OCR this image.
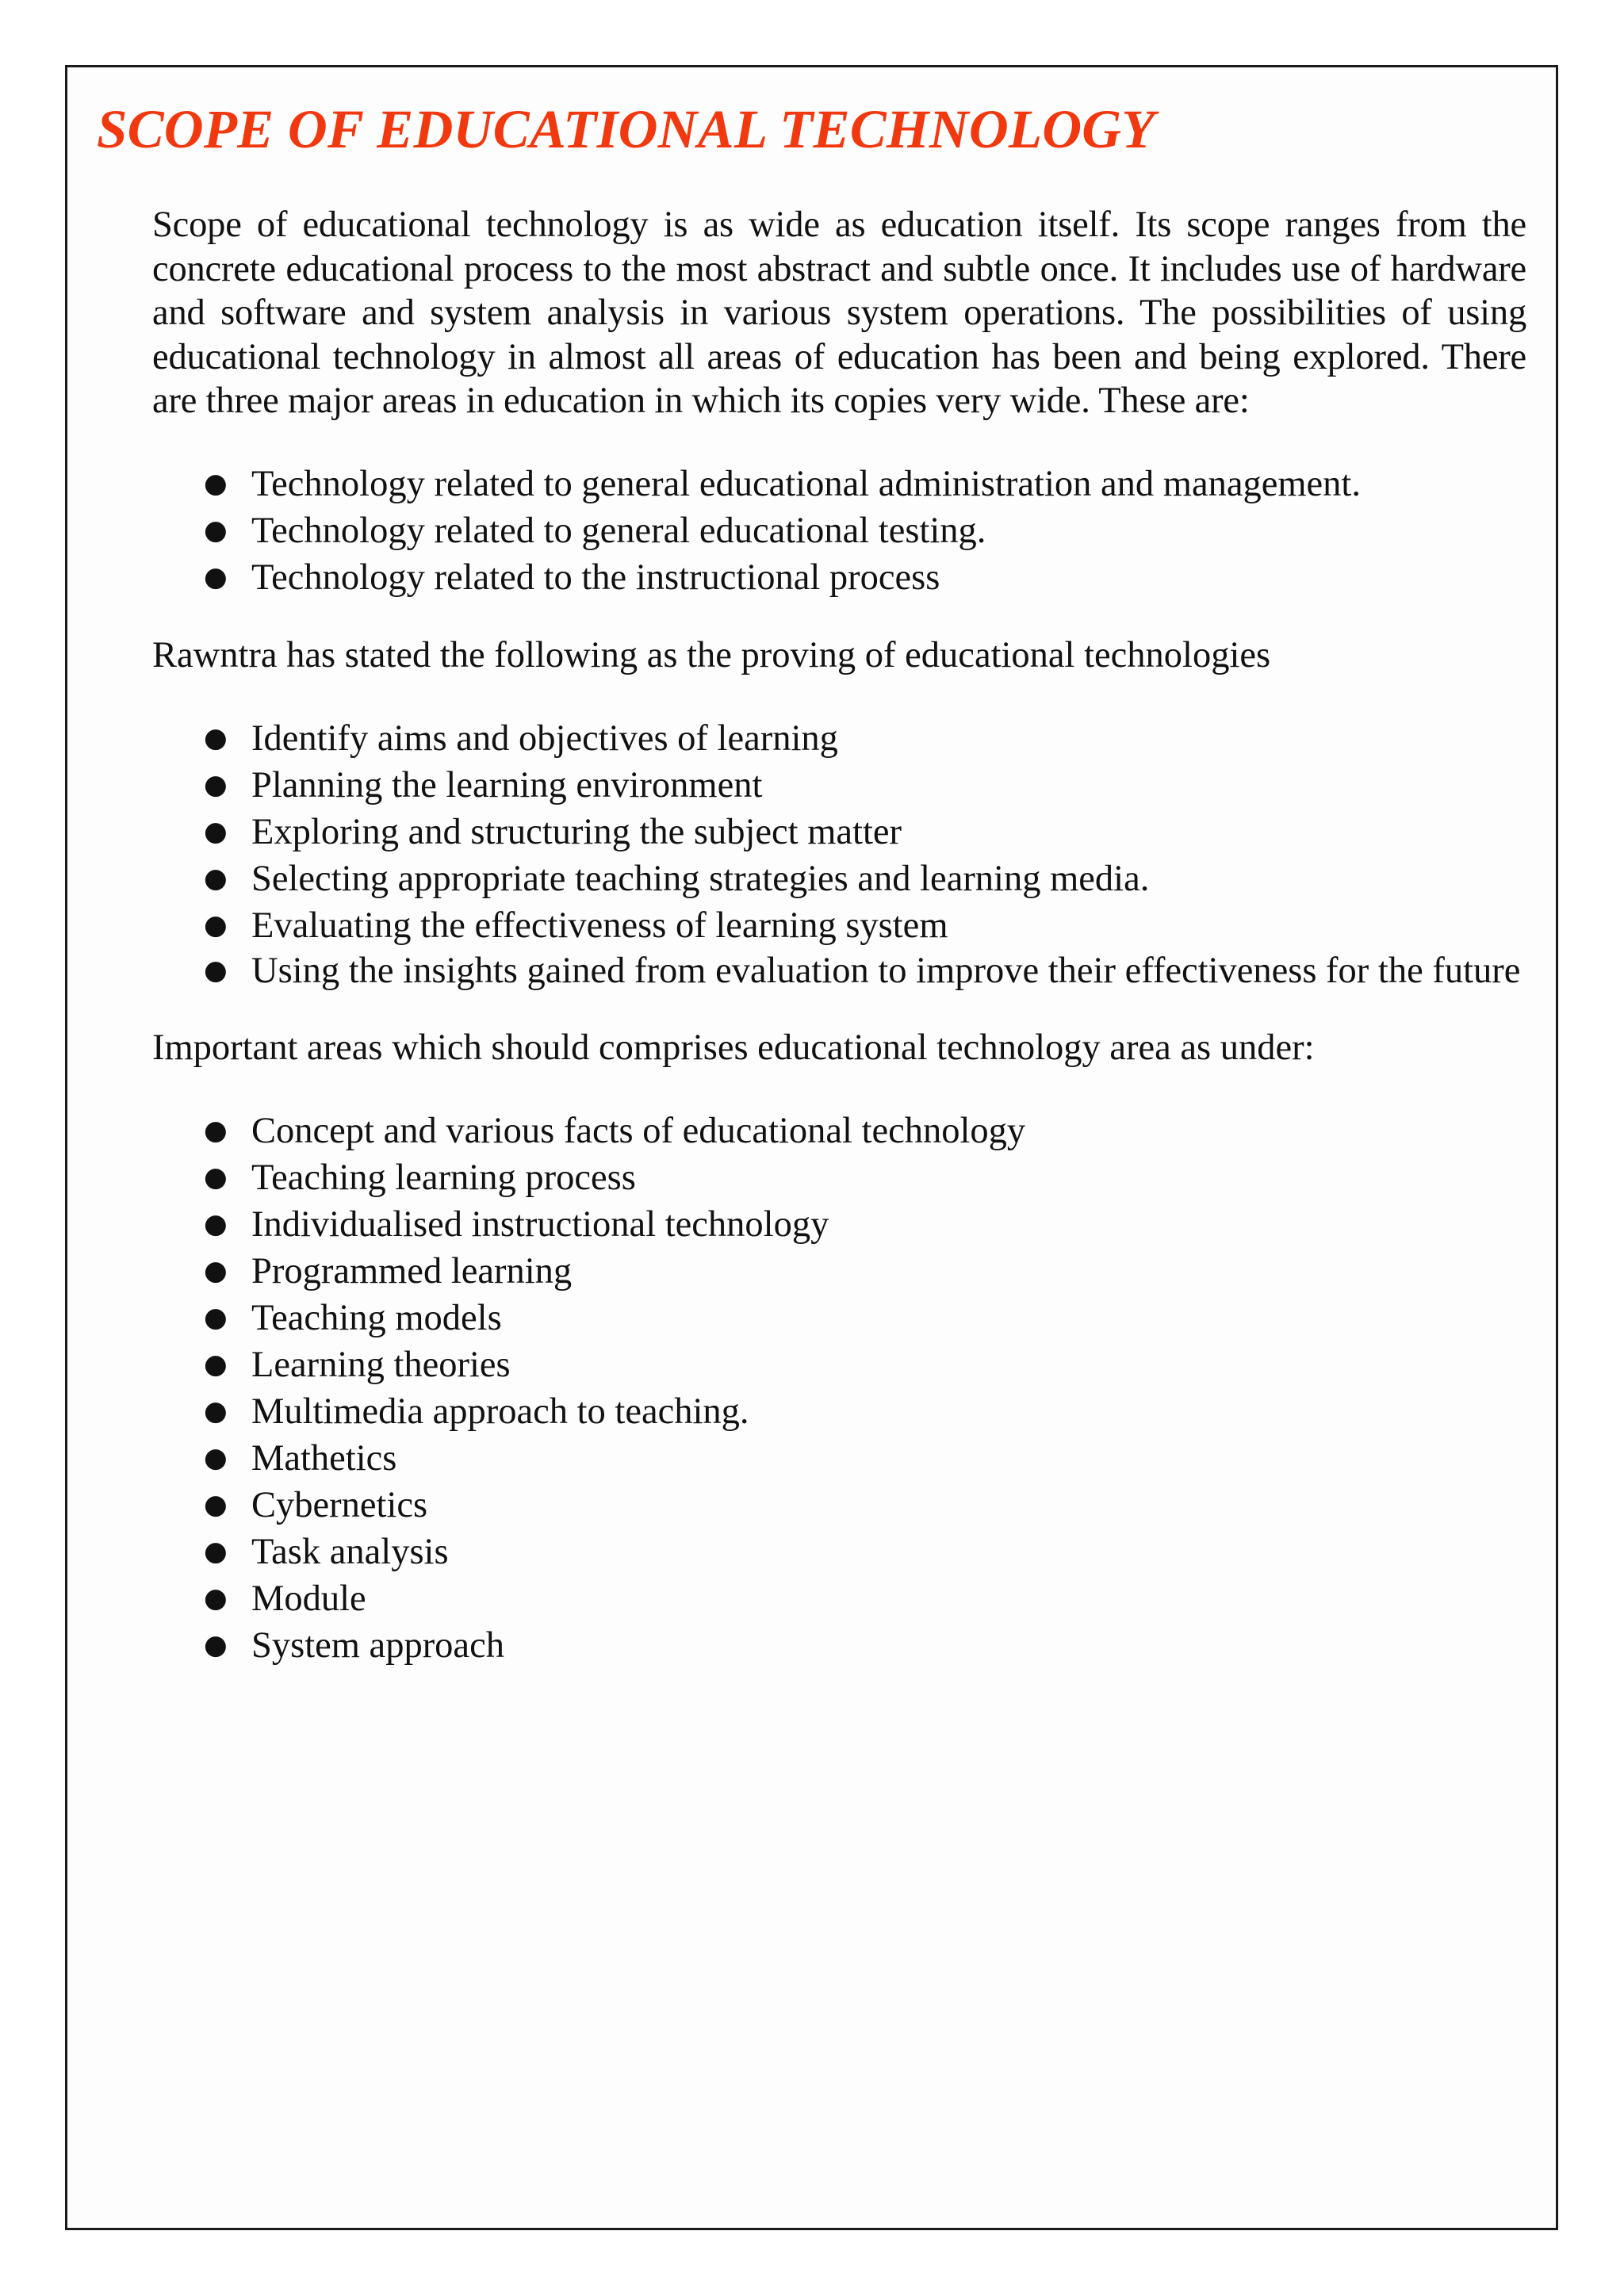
SCOPE OF EDUCATIONAL TECHNOLOGY

Scope of educational technology is as wide as education itself. Its scope ranges from the concrete educational process to the most abstract and subtle once. It includes use of hardware and software and system analysis in various system operations. The possibilities of using educational technology in almost all areas of education has been and being explored. There are three major areas in education in which its copies very wide. These are:

● Technology related to general educational administration and management.
● Technology related to general educational testing.
● Technology related to the instructional process

Rawntra has stated the following as the proving of educational technologies

● Identify aims and objectives of learning
● Planning the learning environment
● Exploring and structuring the subject matter
● Selecting appropriate teaching strategies and learning media.
● Evaluating the effectiveness of learning system
● Using the insights gained from evaluation to improve their effectiveness for the future

Important areas which should comprises educational technology area as under:

● Concept and various facts of educational technology
● Teaching learning process
● Individualised instructional technology
● Programmed learning
● Teaching models
● Learning theories
● Multimedia approach to teaching.
● Mathetics
● Cybernetics
● Task analysis
● Module
● System approach
